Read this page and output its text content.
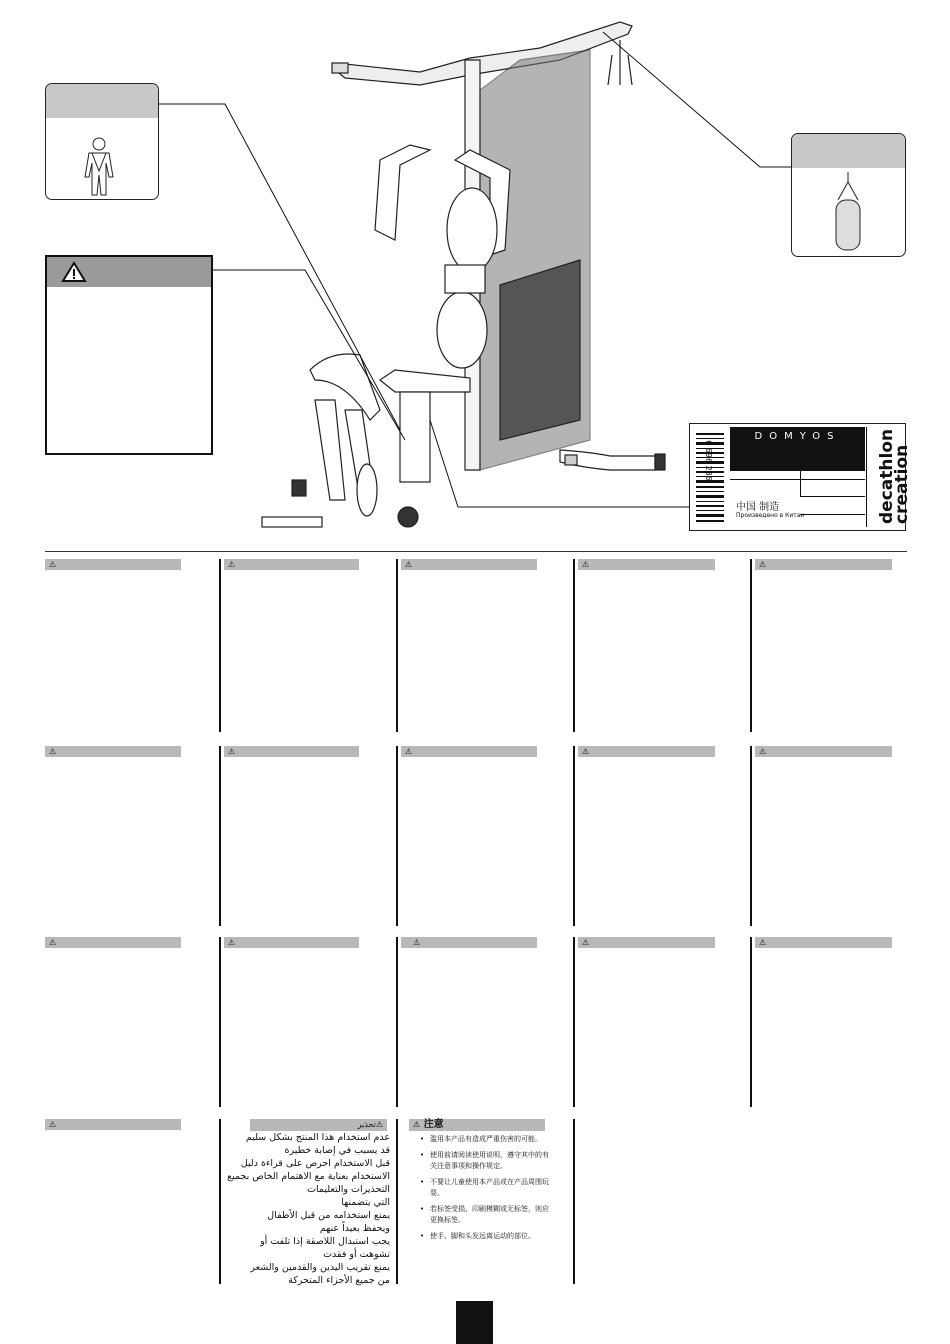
6 696 236
DOMYOS
中国 制造
Произведено в Китаи	decathlon
creation
⚠	⚠	⚠	⚠	⚠
⚠	⚠	⚠	⚠	⚠
⚠	⚠	⚠	⚠	⚠
⚠	⚠تحذير	⚠ 注意
عدم استخدام هذا المنتج بشكل سليم
قد يسبب في إصابة خطيرة
قبل الاستخدام احرص على قراءة دليل
الاستخدام بعناية مع الاهتمام الخاص بجميع
التحذيرات والتعليمات
التي يتضمنها
يمنع استخدامه من قبل الأطفال
ويحفظ بعيداً عنهم
يجب استبدال اللاصقة إذا تلفت أو
تشوهت أو فقدت
يمنع تقريب اليدين والقدمين والشعر
من جميع الأجزاء المتحركة
• 滥用本产品有造成严重伤害的可能。
• 使用前请阅读使用说明，遵守其中的有关注意事项和操作规定。
• 不要让儿童使用本产品或在产品周围玩耍。
• 若标签受损、印刷模糊或无标签，则应更换标签。
• 使手、脚和头发远离运动的部位。
